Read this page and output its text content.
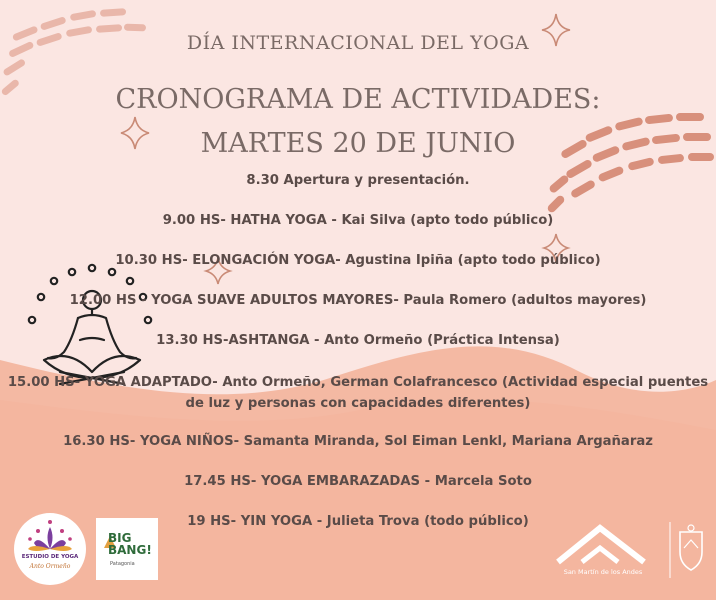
DÍA INTERNACIONAL DEL YOGA
CRONOGRAMA DE ACTIVIDADES:
MARTES 20 DE JUNIO
8.30 Apertura y presentación.
9.00 HS- HATHA YOGA - Kai Silva (apto todo público)
10.30 HS- ELONGACIÓN YOGA- Agustina Ipiña (apto todo público)
12.00 HS - YOGA SUAVE ADULTOS MAYORES- Paula Romero (adultos mayores)
13.30 HS-ASHTANGA - Anto Ormeño (Práctica Intensa)
15.00 HS- YOGA ADAPTADO- Anto Ormeño, German Colafrancesco (Actividad especial puentes de luz y personas con capacidades diferentes)
16.30 HS- YOGA NIÑOS- Samanta Miranda, Sol Eiman Lenkl, Mariana Argañaraz
17.45 HS- YOGA EMBARAZADAS - Marcela Soto
19 HS- YIN YOGA - Julieta Trova (todo público)
ESTUDIO DE YOGA
Anto Ormeño
BIG
BANG!
Patagonia
San Martín de los Andes
